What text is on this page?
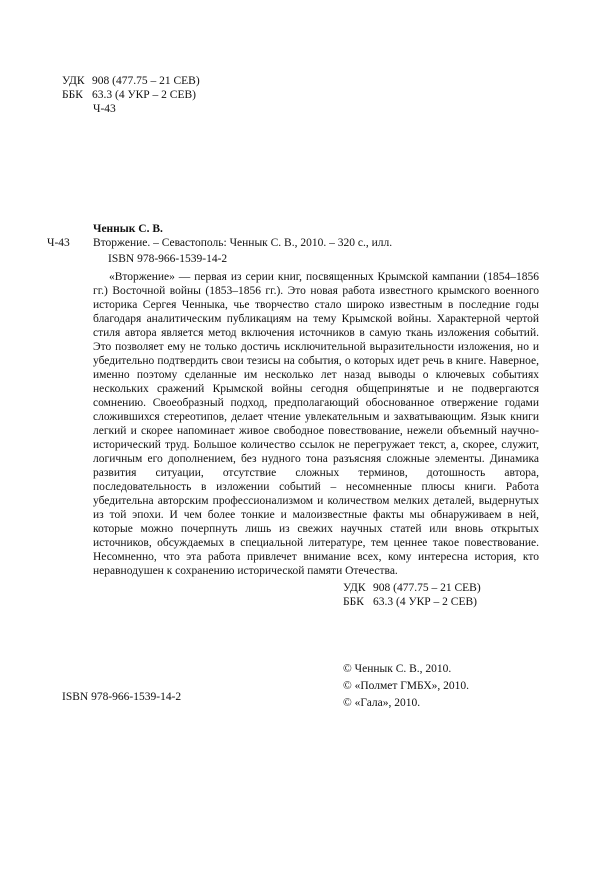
УДК 908 (477.75 – 21 СЕВ)
ББК 63.3 (4 УКР – 2 СЕВ)
Ч-43
Ченнык С. В.
Ч-43 Вторжение. – Севастополь: Ченнык С. В., 2010. – 320 с., илл.
ISBN 978-966-1539-14-2

«Вторжение» — первая из серии книг, посвященных Крымской кампании (1854–1856 гг.) Восточной войны (1853–1856 гг.). Это новая работа известного крымского военного историка Сергея Ченныка, чье творчество стало широко известным в последние годы благодаря аналитическим публикациям на тему Крымской войны. Характерной чертой стиля автора является метод включения источников в самую ткань изложения событий. Это позволяет ему не только достичь исключительной выразительности изложения, но и убедительно подтвердить свои тезисы на события, о которых идет речь в книге. Наверное, именно поэтому сделанные им несколько лет назад выводы о ключевых событиях нескольких сражений Крымской войны сегодня общепринятые и не подвергаются сомнению. Своеобразный подход, предполагающий обоснованное отвержение годами сложившихся стереотипов, делает чтение увлекательным и захватывающим. Язык книги легкий и скорее напоминает живое свободное повествование, нежели объемный научно-исторический труд. Большое количество ссылок не перегружает текст, а, скорее, служит, логичным его дополнением, без нудного тона разъясняя сложные элементы. Динамика развития ситуации, отсутствие сложных терминов, дотошность автора, последовательность в изложении событий – несомненные плюсы книги. Работа убедительна авторским профессионализмом и количеством мелких деталей, выдернутых из той эпохи. И чем более тонкие и малоизвестные факты мы обнаруживаем в ней, которые можно почерпнуть лишь из свежих научных статей или вновь открытых источников, обсуждаемых в специальной литературе, тем ценнее такое повествование. Несомненно, что эта работа привлечет внимание всех, кому интересна история, кто неравнодушен к сохранению исторической памяти Отечества.

УДК 908 (477.75 – 21 СЕВ)
ББК 63.3 (4 УКР – 2 СЕВ)
© Ченнык С. В., 2010.
© «Полмет ГМБХ», 2010.
© «Гала», 2010.
ISBN 978-966-1539-14-2
